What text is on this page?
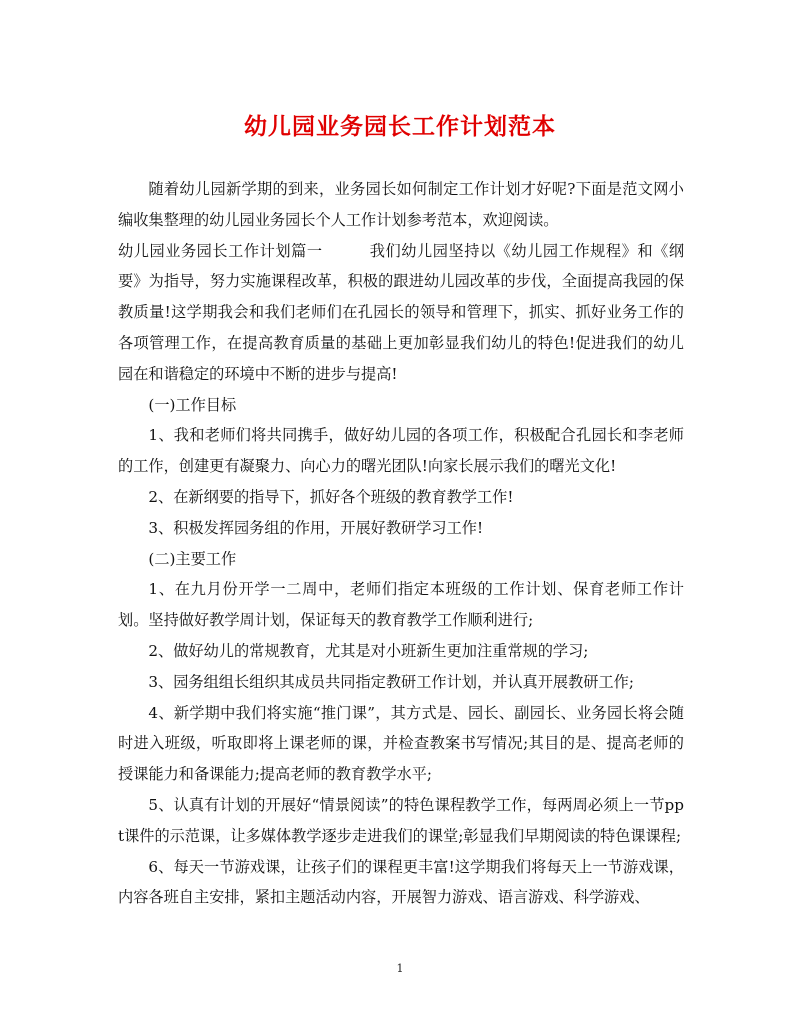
幼儿园业务园长工作计划范本

随着幼儿园新学期的到来，业务园长如何制定工作计划才好呢?下面是范文网小编收集整理的幼儿园业务园长个人工作计划参考范本，欢迎阅读。

幼儿园业务园长工作计划篇一　　　我们幼儿园坚持以《幼儿园工作规程》和《纲要》为指导，努力实施课程改革，积极的跟进幼儿园改革的步伐，全面提高我园的保教质量!这学期我会和我们老师们在孔园长的领导和管理下，抓实、抓好业务工作的各项管理工作，在提高教育质量的基础上更加彰显我们幼儿的特色!促进我们的幼儿园在和谐稳定的环境中不断的进步与提高!

(一)工作目标

1、我和老师们将共同携手，做好幼儿园的各项工作，积极配合孔园长和李老师的工作，创建更有凝聚力、向心力的曙光团队!向家长展示我们的曙光文化!

2、在新纲要的指导下，抓好各个班级的教育教学工作!

3、积极发挥园务组的作用，开展好教研学习工作!

(二)主要工作

1、在九月份开学一二周中，老师们指定本班级的工作计划、保育老师工作计划。坚持做好教学周计划，保证每天的教育教学工作顺利进行;

2、做好幼儿的常规教育，尤其是对小班新生更加注重常规的学习;

3、园务组组长组织其成员共同指定教研工作计划，并认真开展教研工作;

4、新学期中我们将实施“推门课”，其方式是、园长、副园长、业务园长将会随时进入班级，听取即将上课老师的课，并检查教案书写情况;其目的是、提高老师的授课能力和备课能力;提高老师的教育教学水平;

5、认真有计划的开展好“情景阅读”的特色课程教学工作，每两周必须上一节ppt课件的示范课，让多媒体教学逐步走进我们的课堂;彰显我们早期阅读的特色课课程;

6、每天一节游戏课，让孩子们的课程更丰富!这学期我们将每天上一节游戏课，内容各班自主安排，紧扣主题活动内容，开展智力游戏、语言游戏、科学游戏、

1
